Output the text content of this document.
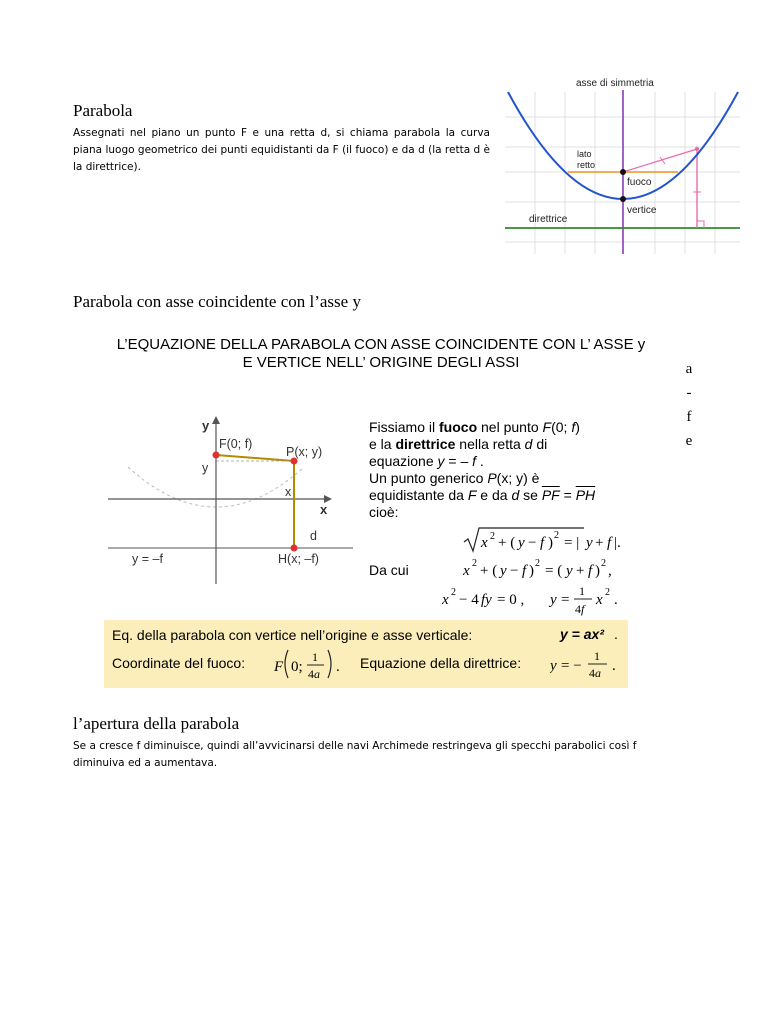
Parabola
Assegnati nel piano un punto F e una retta d, si chiama parabola la curva piana luogo geometrico dei punti equidistanti da F (il fuoco) e da d (la retta d è la direttrice).
asse di simmetria
lato
retto
fuoco
vertice
direttrice
Parabola con asse coincidente con l’asse y
L’EQUAZIONE DELLA PARABOLA CON ASSE COINCIDENTE CON L’ ASSE y
E VERTICE NELL’ ORIGINE DEGLI ASSI
y
x
F(0; f)
P(x; y)
y
x
d
y = –f	H(x; –f)
Fissiamo il fuoco nel punto F(0; f)
e la direttrice nella retta d di
equazione y = – f .
Un punto generico P(x; y) è
equidistante da F e da d se $\overline{PF} = \overline{PH}$
cioè:
x 2 + ( y − f ) 2 = | y + f |.
Da cui	x 2 + ( y − f ) 2 = ( y + f ) 2 ,
x 2 − 4 fy = 0 , y =
1
4f
x 2 .
Eq. della parabola con vertice nell’origine e asse verticale:	y = ax² .
Coordinate del fuoco: F 0;
1
4a . Equazione della direttrice: y = −
1
4a .
a
-
f
e
l’apertura della parabola
Se a cresce f diminuisce, quindi all’avvicinarsi delle navi Archimede restringeva gli specchi parabolici così f diminuiva ed a aumentava.
